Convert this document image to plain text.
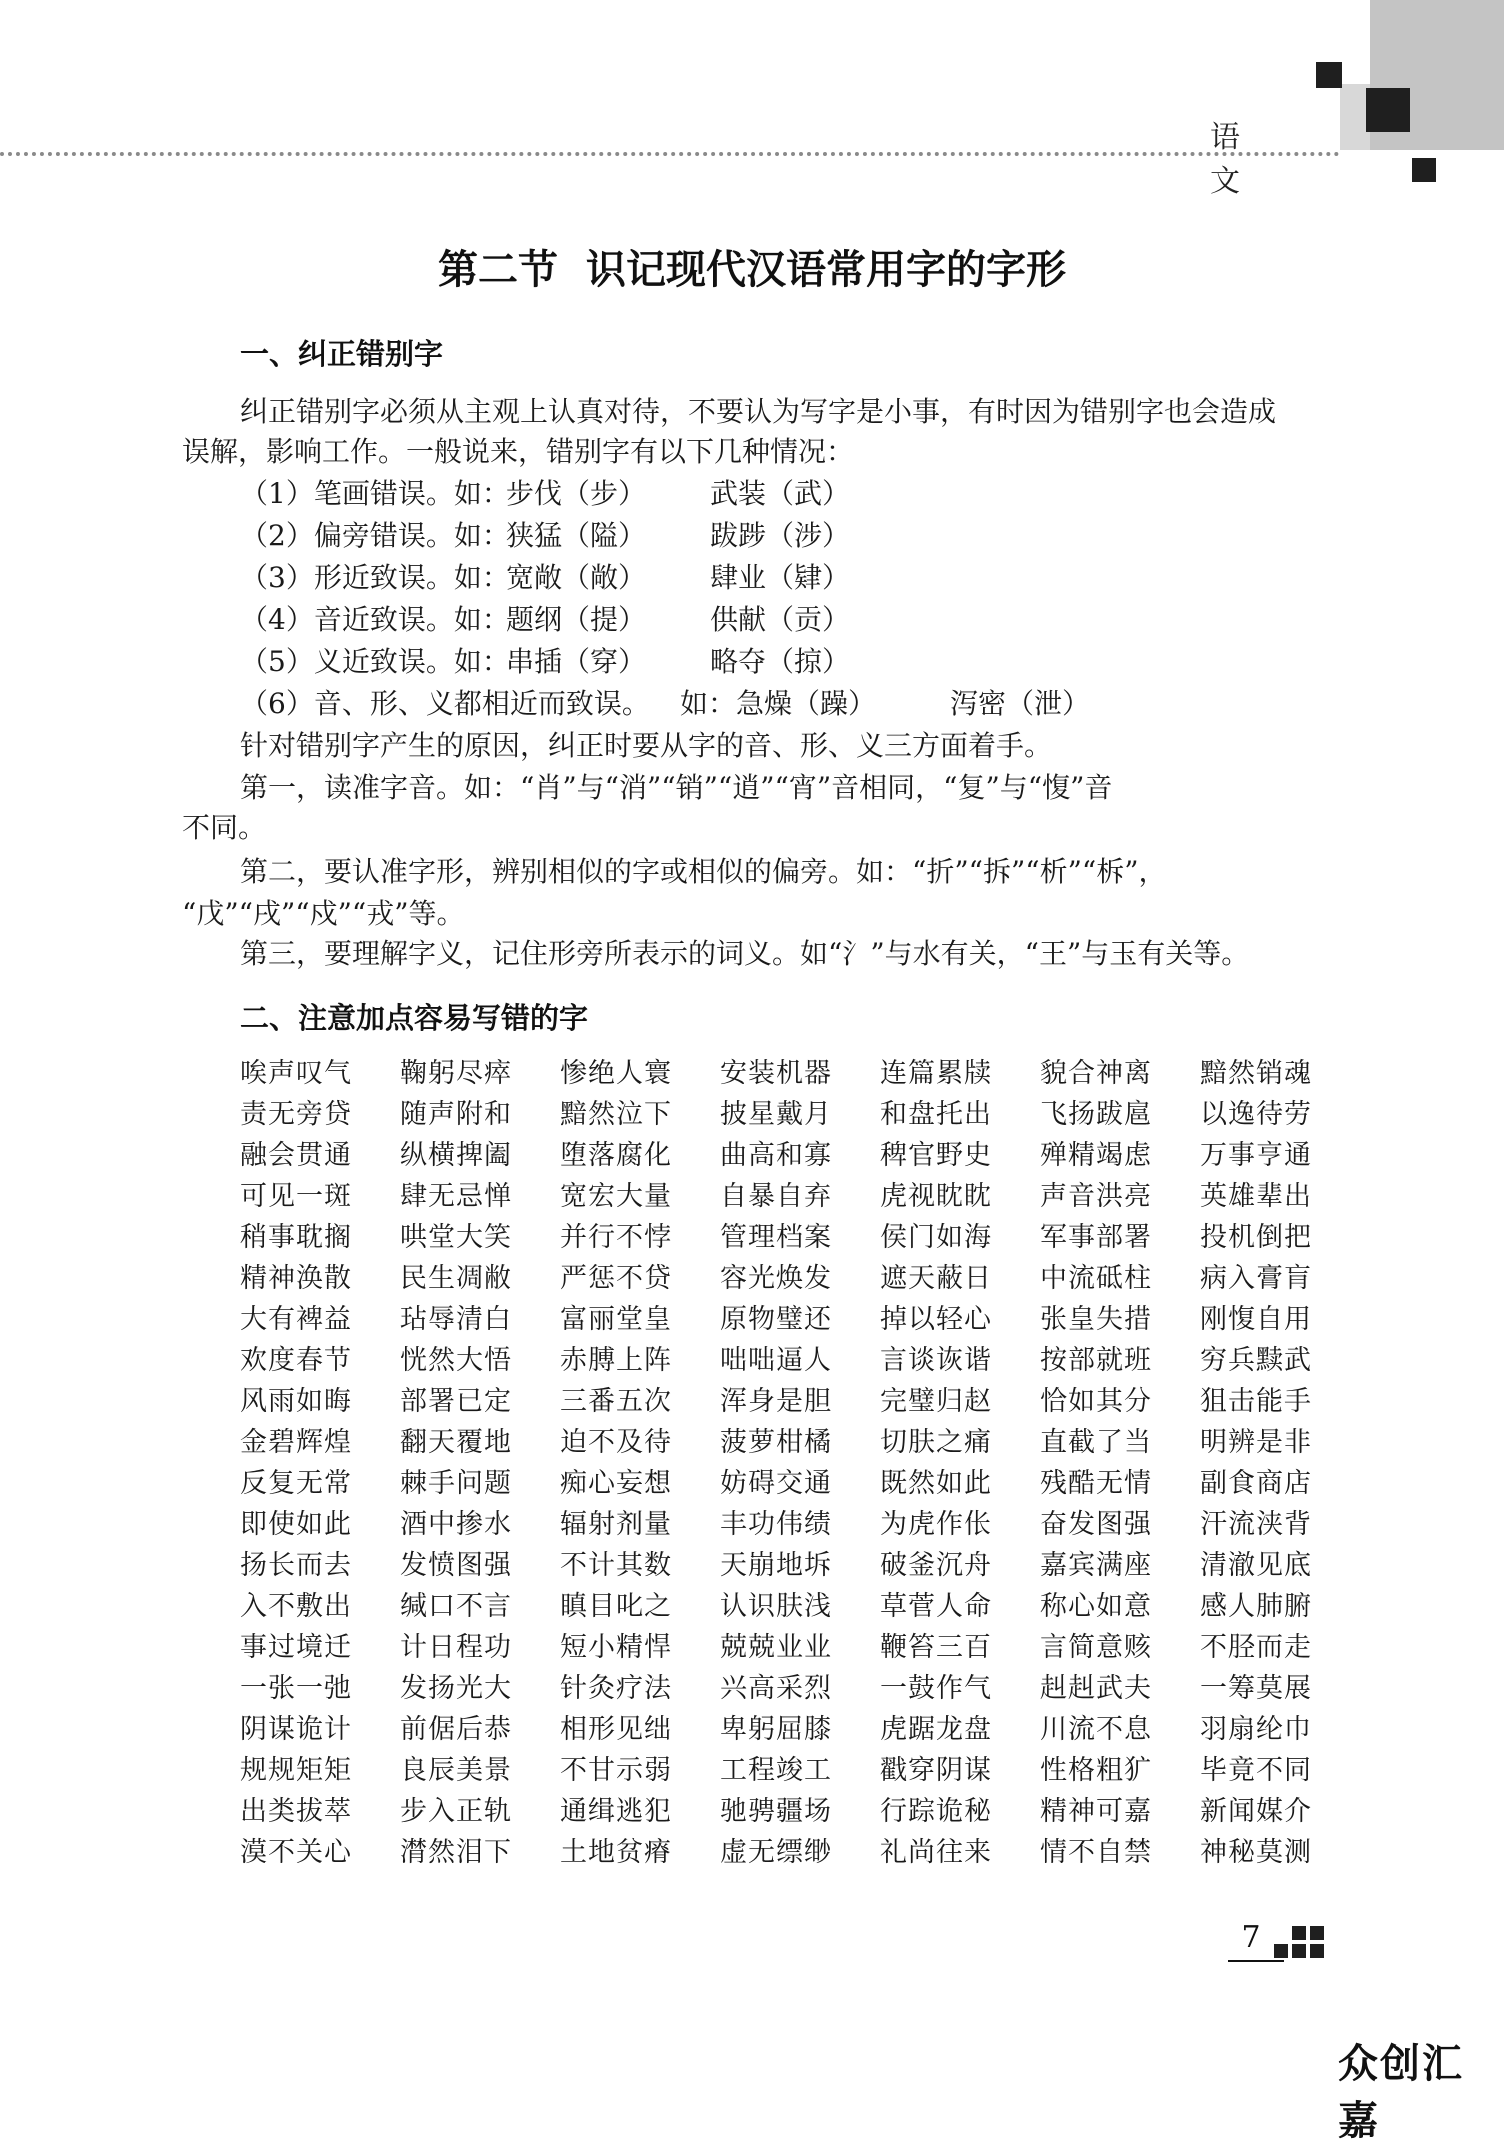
语 文
第二节 识记现代汉语常用字的字形
一、纠正错别字
纠正错别字必须从主观上认真对待，不要认为写字是小事，有时因为错别字也会造成
误解，影响工作。一般说来，错别字有以下几种情况：
（1）笔画错误。如：
步伐（步） 武装（武）
（2）偏旁错误。如：
狭猛（隘） 跋踄（涉）
（3）形近致误。如：
宽敞（敞） 肆业（肄）
（4）音近致误。如：
题纲（提） 供献（贡）
（5）义近致误。如：
串插（穿） 略夺（掠）
（6）音、形、义都相近而致误。 如：急燥（躁）	泻密（泄）
针对错别字产生的原因，纠正时要从字的音、形、义三方面着手。
第一，读准字音。如：“肖”与“消”“销”“逍”“宵”音相同，“复”与“愎”音
不同。
第二，要认准字形，辨别相似的字或相似的偏旁。如：“折”“拆”“析”“柝”，
“戊”“戌”“戍”“戎”等。
第三，要理解字义，记住形旁所表示的词义。如“氵”与水有关，“王”与玉有关等。
二、注意加点容易写错的字
唉声叹气 鞠躬尽瘁 惨绝人寰 安装机器 连篇累牍 貌合神离 黯然销魂
责无旁贷 随声附和 黯然泣下 披星戴月 和盘托出 飞扬跋扈 以逸待劳
融会贯通 纵横捭阖 堕落腐化 曲高和寡 稗官野史 殚精竭虑 万事亨通
可见一斑 肆无忌惮 宽宏大量 自暴自弃 虎视眈眈 声音洪亮 英雄辈出
稍事耽搁 哄堂大笑 并行不悖 管理档案 侯门如海 军事部署 投机倒把
精神涣散 民生凋敝 严惩不贷 容光焕发 遮天蔽日 中流砥柱 病入膏肓
大有裨益 玷辱清白 富丽堂皇 原物璧还 掉以轻心 张皇失措 刚愎自用
欢度春节 恍然大悟 赤膊上阵 咄咄逼人 言谈诙谐 按部就班 穷兵黩武
风雨如晦 部署已定 三番五次 浑身是胆 完璧归赵 恰如其分 狙击能手
金碧辉煌 翻天覆地 迫不及待 菠萝柑橘 切肤之痛 直截了当 明辨是非
反复无常 棘手问题 痴心妄想 妨碍交通 既然如此 残酷无情 副食商店
即使如此 酒中掺水 辐射剂量 丰功伟绩 为虎作伥 奋发图强 汗流浃背
扬长而去 发愤图强 不计其数 天崩地坼 破釜沉舟 嘉宾满座 清澈见底
入不敷出 缄口不言 瞋目叱之 认识肤浅 草菅人命 称心如意 感人肺腑
事过境迁 计日程功 短小精悍 兢兢业业 鞭笞三百 言简意赅 不胫而走
一张一弛 发扬光大 针灸疗法 兴高采烈 一鼓作气 赳赳武夫 一筹莫展
阴谋诡计 前倨后恭 相形见绌 卑躬屈膝 虎踞龙盘 川流不息 羽扇纶巾
规规矩矩 良辰美景 不甘示弱 工程竣工 戳穿阴谋 性格粗犷 毕竟不同
出类拔萃 步入正轨 通缉逃犯 驰骋疆场 行踪诡秘 精神可嘉 新闻媒介
漠不关心 潸然泪下 土地贫瘠 虚无缥缈 礼尚往来 情不自禁 神秘莫测
7
众创汇嘉
